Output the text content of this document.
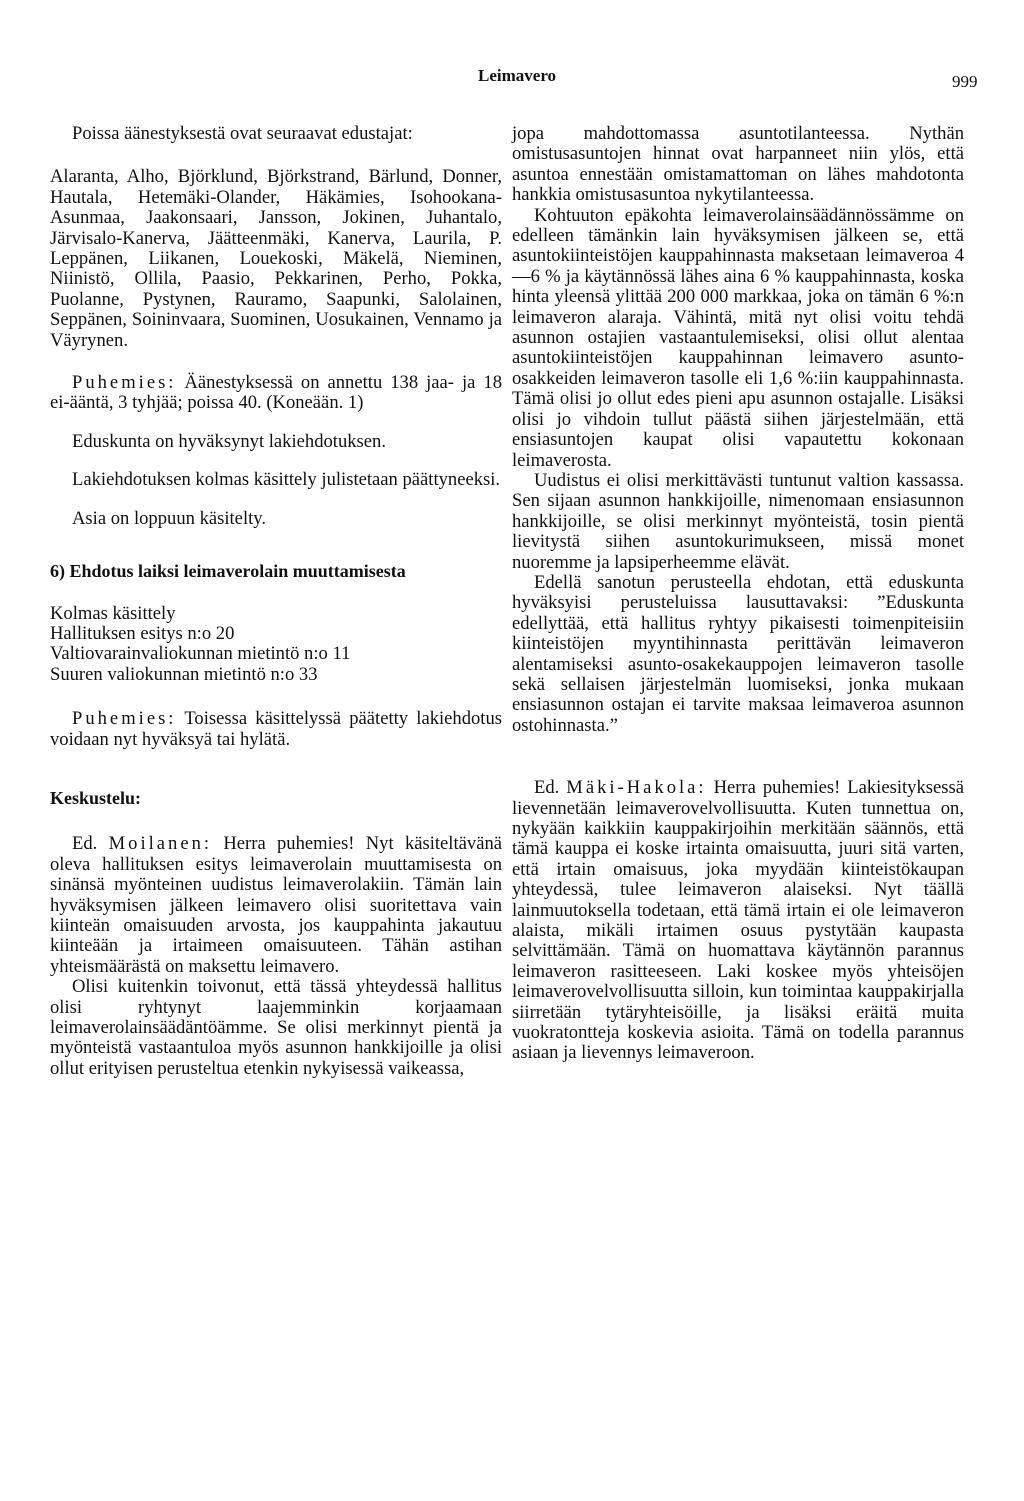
Leimavero	999

Poissa äänestyksestä ovat seuraavat edustajat:

Alaranta, Alho, Björklund, Björkstrand, Bärlund, Donner, Hautala, Hetemäki-Olander, Häkämies, Isohookana-Asunmaa, Jaakonsaari, Jansson, Jokinen, Juhantalo, Järvisalo-Kanerva, Jäätteenmäki, Kanerva, Laurila, P. Leppänen, Liikanen, Louekoski, Mäkelä, Nieminen, Niinistö, Ollila, Paasio, Pekkarinen, Perho, Pokka, Puolanne, Pystynen, Rauramo, Saapunki, Salolainen, Seppänen, Soininvaara, Suominen, Uosukainen, Vennamo ja Väyrynen.

Puhemies: Äänestyksessä on annettu 138 jaa- ja 18 ei-ääntä, 3 tyhjää; poissa 40. (Koneään. 1)

Eduskunta on hyväksynyt lakiehdotuksen.

Lakiehdotuksen kolmas käsittely julistetaan päättyneeksi.

Asia on loppuun käsitelty.

6) Ehdotus laiksi leimaverolain muuttamisesta

Kolmas käsittely
Hallituksen esitys n:o 20
Valtiovarainvaliokunnan mietintö n:o 11
Suuren valiokunnan mietintö n:o 33

Puhemies: Toisessa käsittelyssä päätetty lakiehdotus voidaan nyt hyväksyä tai hylätä.

Keskustelu:

Ed. Moilanen: Herra puhemies! Nyt käsiteltävänä oleva hallituksen esitys leimaverolain muuttamisesta on sinänsä myönteinen uudistus leimaverolakiin. Tämän lain hyväksymisen jälkeen leimavero olisi suoritettava vain kiinteän omaisuuden arvosta, jos kauppahinta jakautuu kiinteään ja irtaimeen omaisuuteen. Tähän astihan yhteismäärästä on maksettu leimavero.

Olisi kuitenkin toivonut, että tässä yhteydessä hallitus olisi ryhtynyt laajemminkin korjaamaan leimaverolainsäädäntöämme. Se olisi merkinnyt pientä ja myönteistä vastaantuloa myös asunnon hankkijoille ja olisi ollut erityisen perusteltua etenkin nykyisessä vaikeassa,

jopa mahdottomassa asuntotilanteessa. Nythän omistusasuntojen hinnat ovat harpanneet niin ylös, että asuntoa ennestään omistamattoman on lähes mahdotonta hankkia omistusasuntoa nykytilanteessa.

Kohtuuton epäkohta leimaverolainsäädännössämme on edelleen tämänkin lain hyväksymisen jälkeen se, että asuntokiinteistöjen kauppahinnasta maksetaan leimaveroa 4—6 % ja käytännössä lähes aina 6 % kauppahinnasta, koska hinta yleensä ylittää 200 000 markkaa, joka on tämän 6 %:n leimaveron alaraja. Vähintä, mitä nyt olisi voitu tehdä asunnon ostajien vastaantulemiseksi, olisi ollut alentaa asuntokiinteistöjen kauppahinnan leimavero asunto-osakkeiden leimaveron tasolle eli 1,6 %:iin kauppahinnasta. Tämä olisi jo ollut edes pieni apu asunnon ostajalle. Lisäksi olisi jo vihdoin tullut päästä siihen järjestelmään, että ensiasuntojen kaupat olisi vapautettu kokonaan leimaverosta.

Uudistus ei olisi merkittävästi tuntunut valtion kassassa. Sen sijaan asunnon hankkijoille, nimenomaan ensiasunnon hankkijoille, se olisi merkinnyt myönteistä, tosin pientä lievitystä siihen asuntokurimukseen, missä monet nuoremme ja lapsiperheemme elävät.

Edellä sanotun perusteella ehdotan, että eduskunta hyväksyisi perusteluissa lausuttavaksi: ”Eduskunta edellyttää, että hallitus ryhtyy pikaisesti toimenpiteisiin kiinteistöjen myyntihinnasta perittävän leimaveron alentamiseksi asunto-osakekauppojen leimaveron tasolle sekä sellaisen järjestelmän luomiseksi, jonka mukaan ensiasunnon ostajan ei tarvite maksaa leimaveroa asunnon ostohinnasta.”

Ed. Mäki-Hakola: Herra puhemies! Lakiesityksessä lievennetään leimaverovelvollisuutta. Kuten tunnettua on, nykyään kaikkiin kauppakirjoihin merkitään säännös, että tämä kauppa ei koske irtainta omaisuutta, juuri sitä varten, että irtain omaisuus, joka myydään kiinteistökaupan yhteydessä, tulee leimaveron alaiseksi. Nyt täällä lainmuutoksella todetaan, että tämä irtain ei ole leimaveron alaista, mikäli irtaimen osuus pystytään kaupasta selvittämään. Tämä on huomattava käytännön parannus leimaveron rasitteeseen. Laki koskee myös yhteisöjen leimaverovelvollisuutta silloin, kun toimintaa kauppakirjalla siirretään tytäryhteisöille, ja lisäksi eräitä muita vuokratontteja koskevia asioita. Tämä on todella parannus asiaan ja lievennys leimaveroon.
